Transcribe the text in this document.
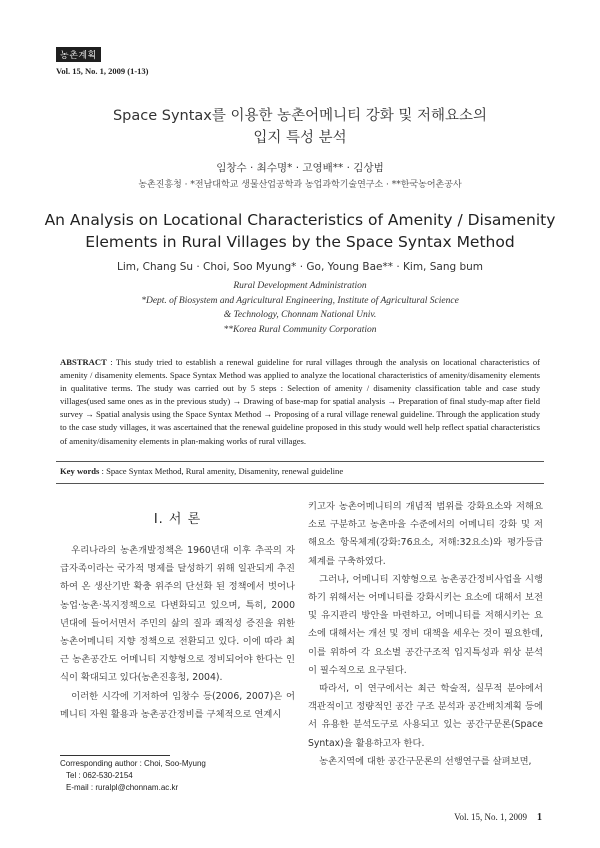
농촌계획
Vol. 15, No. 1, 2009 (1-13)
Space Syntax를 이용한 농촌어메니티 강화 및 저해요소의
입지 특성 분석
임창수 · 최수명* · 고영배** · 김상범
농촌진흥청 · *전남대학교 생물산업공학과 농업과학기술연구소 · **한국농어촌공사
An Analysis on Locational Characteristics of Amenity / Disamenity
Elements in Rural Villages by the Space Syntax Method
Lim, Chang Su · Choi, Soo Myung* · Go, Young Bae** · Kim, Sang bum
Rural Development Administration
*Dept. of Biosystem and Agricultural Engineering, Institute of Agricultural Science
& Technology, Chonnam National Univ.
**Korea Rural Community Corporation
ABSTRACT : This study tried to establish a renewal guideline for rural villages through the analysis on locational characteristics of amenity / disamenity elements. Space Syntax Method was applied to analyze the locational characteristics of amenity/disamenity elements in qualitative terms. The study was carried out by 5 steps : Selection of amenity / disamenity classification table and case study villages(used same ones as in the previous study) → Drawing of base-map for spatial analysis → Preparation of final study-map after field survey → Spatial analysis using the Space Syntax Method → Proposing of a rural village renewal guideline. Through the application study to the case study villages, it was ascertained that the renewal guideline proposed in this study would well help reflect spatial characteristics of amenity/disamenity elements in plan-making works of rural villages.
Key words : Space Syntax Method, Rural amenity, Disamenity, renewal guideline
I. 서 론

우리나라의 농촌개발정책은 1960년대 이후 추곡의 자급자족이라는 국가적 명제를 달성하기 위해 일관되게 추진하여 온 생산기반 확충 위주의 단선화 된 정책에서 벗어나 농업·농촌·복지정책으로 다변화되고 있으며, 특히, 2000년대에 들어서면서 주민의 삶의 질과 쾌적성 증진을 위한 농촌어메니티 지향 정책으로 전환되고 있다. 이에 따라 최근 농촌공간도 어메니티 지향형으로 정비되어야 한다는 인식이 확대되고 있다(농촌진흥청, 2004).

이러한 시각에 기저하여 임창수 등(2006, 2007)은 어메니티 자원 활용과 농촌공간정비를 구체적으로 연계시

키고자 농촌어메니티의 개념적 범위를 강화요소와 저해요소로 구분하고 농촌마을 수준에서의 어메니티 강화 및 저해요소 항목체계(강화:76요소, 저해:32요소)와 평가등급체계를 구축하였다.

그러나, 어메니티 지향형으로 농촌공간정비사업을 시행하기 위해서는 어메니티를 강화시키는 요소에 대해서 보전 및 유지관리 방안을 마련하고, 어메니티를 저해시키는 요소에 대해서는 개선 및 정비 대책을 세우는 것이 필요한데, 이를 위하여 각 요소별 공간구조적 입지특성과 위상 분석이 필수적으로 요구된다.

따라서, 이 연구에서는 최근 학술적, 실무적 분야에서 객관적이고 정량적인 공간 구조 분석과 공간배치계획 등에서 유용한 분석도구로 사용되고 있는 공간구문론(Space Syntax)을 활용하고자 한다.

농촌지역에 대한 공간구문론의 선행연구를 살펴보면,

Corresponding author : Choi, Soo-Myung
Tel : 062-530-2154
E-mail : ruralpl@chonnam.ac.kr
Vol. 15, No. 1, 2009 1
